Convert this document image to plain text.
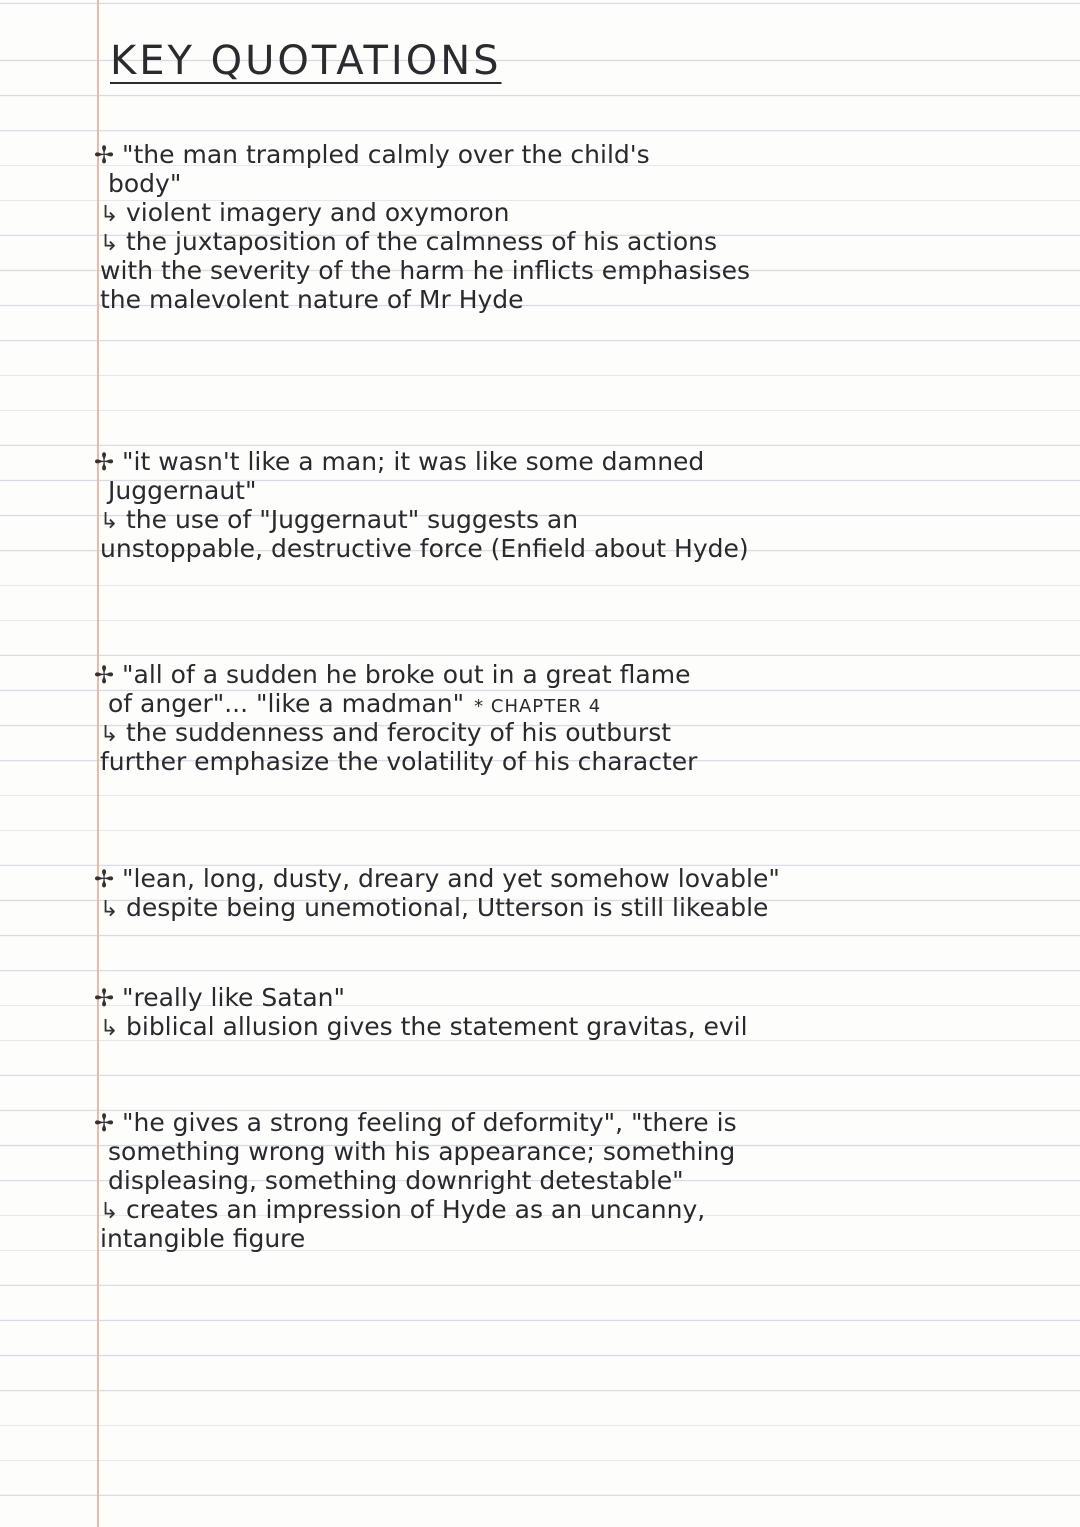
KEY QUOTATIONS
✢ "the man trampled calmly over the child's
body"
↳ violent imagery and oxymoron
↳ the juxtaposition of the calmness of his actions
with the severity of the harm he inflicts emphasises
the malevolent nature of Mr Hyde
✢ "it wasn't like a man; it was like some damned
Juggernaut"
↳ the use of "Juggernaut" suggests an
unstoppable, destructive force (Enfield about Hyde)
✢ "all of a sudden he broke out in a great flame
of anger"... "like a madman" * CHAPTER 4
↳ the suddenness and ferocity of his outburst
further emphasize the volatility of his character
✢ "lean, long, dusty, dreary and yet somehow lovable"
↳ despite being unemotional, Utterson is still likeable
✢ "really like Satan"
↳ biblical allusion gives the statement gravitas, evil
✢ "he gives a strong feeling of deformity", "there is
something wrong with his appearance; something
displeasing, something downright detestable"
↳ creates an impression of Hyde as an uncanny,
intangible figure
